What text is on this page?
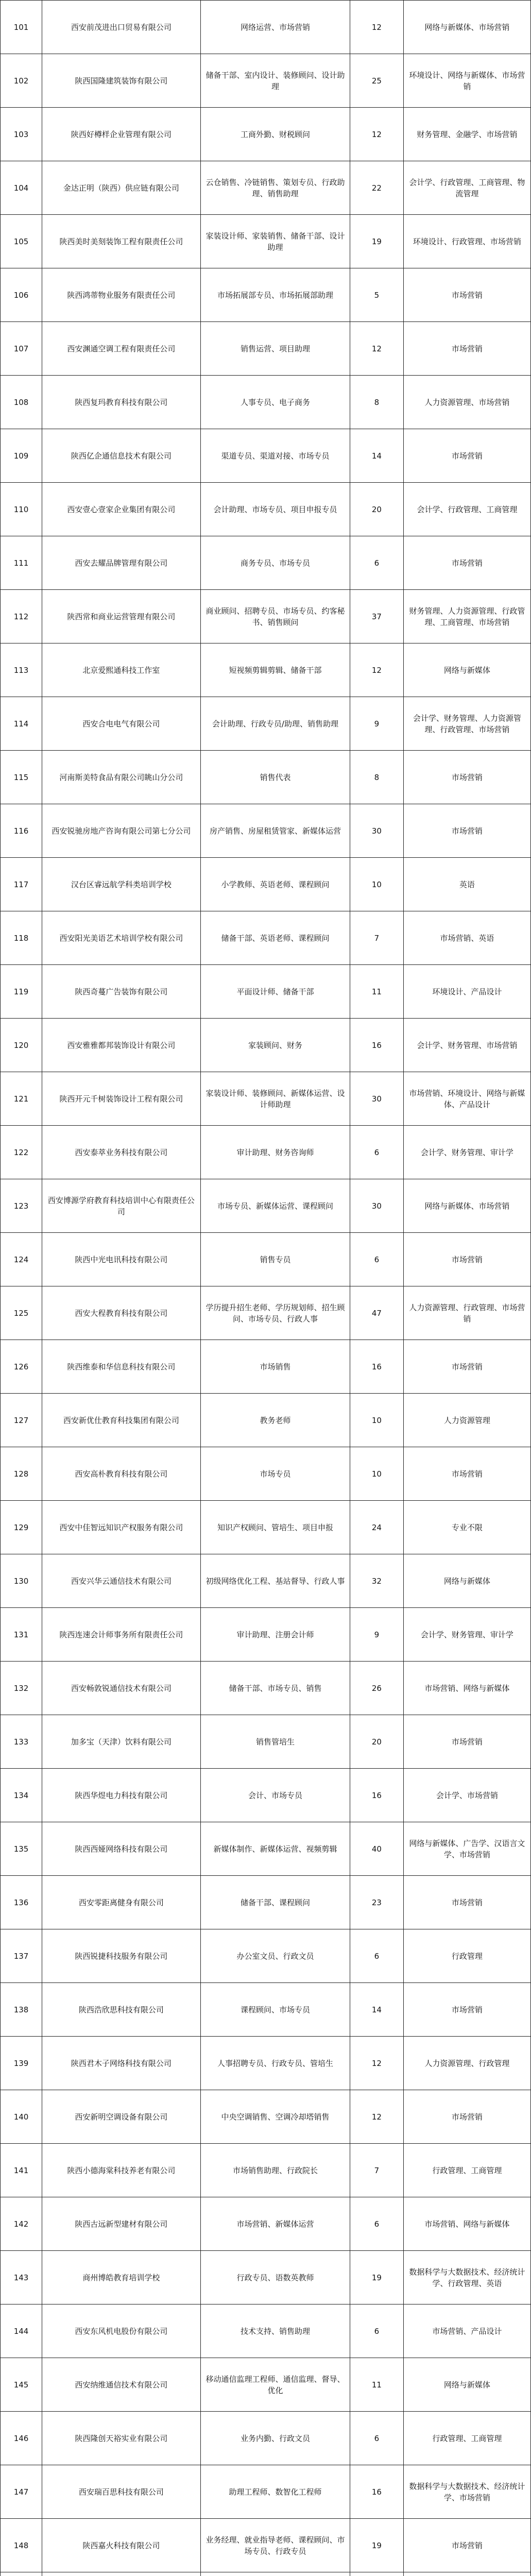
101	西安前茂进出口贸易有限公司	网络运营、市场营销	12	网络与新媒体、市场营销
102	陕西国隆建筑装饰有限公司	储备干部、室内设计、装修顾问、设计助理	25	环境设计、网络与新媒体、市场营销
103	陕西好樽样企业管理有限公司	工商外勤、财税顾问	12	财务管理、金融学、市场营销
104	金达正明（陕西）供应链有限公司	云仓销售、冷链销售、策划专员、行政助理、销售助理	22	会计学、行政管理、工商管理、物流管理
105	陕西美时美刻装饰工程有限责任公司	家装设计师、家装销售、储备干部、设计助理	19	环境设计、行政管理、市场营销
106	陕西鸿蒂物业服务有限责任公司	市场拓展部专员、市场拓展部助理	5	市场营销
107	西安渊通空调工程有限责任公司	销售运营、项目助理	12	市场营销
108	陕西复玛教育科技有限公司	人事专员、电子商务	8	人力资源管理、市场营销
109	陕西亿企通信息技术有限公司	渠道专员、渠道对接、市场专员	14	市场营销
110	西安壹心壹家企业集团有限公司	会计助理、市场专员、项目申报专员	20	会计学、行政管理、工商管理
111	西安去耀品牌管理有限公司	商务专员、市场专员	6	市场营销
112	陕西常和商业运营管理有限公司	商业顾问、招聘专员、市场专员、约客秘书、销售顾问	37	财务管理、人力资源管理、行政管理、工商管理、市场营销
113	北京爱熙通科技工作室	短视频剪辑剪辑、储备干部	12	网络与新媒体
114	西安合电电气有限公司	会计助理、行政专员/助理、销售助理	9	会计学、财务管理、人力资源管理、行政管理、市场营销
115	河南斯美特食品有限公司眺山分公司	销售代表	8	市场营销
116	西安锐驰房地产咨询有限公司第七分公司	房产销售、房屋租赁管家、新媒体运营	30	市场营销
117	汉台区睿远航学科类培训学校	小学教师、英语老师、课程顾问	10	英语
118	西安阳光美语艺术培训学校有限公司	储备干部、英语老师、课程顾问	7	市场营销、英语
119	陕西奇蔓广告装饰有限公司	平面设计师、储备干部	11	环境设计、产品设计
120	西安雅雅都邦装饰设计有限公司	家装顾问、财务	16	会计学、财务管理、市场营销
121	陕西开元千树装饰设计工程有限公司	家装设计师、装修顾问、新媒体运营、设计师助理	30	市场营销、环境设计、网络与新媒体、产品设计
122	西安泰萃业务科技有限公司	审计助理、财务咨询师	6	会计学、财务管理、审计学
123	西安博源学府教育科技培训中心有限责任公司	市场专员、新媒体运营、课程顾问	30	网络与新媒体、市场营销
124	陕西中光电讯科技有限公司	销售专员	6	市场营销
125	西安大程教育科技有限公司	学历提升招生老师、学历规划师、招生顾问、市场专员、行政人事	47	人力资源管理、行政管理、市场营销
126	陕西维泰和华信息科技有限公司	市场销售	16	市场营销
127	西安新优仕教育科技集团有限公司	教务老师	10	人力资源管理
128	西安高朴教育科技有限公司	市场专员	10	市场营销
129	西安中佳智远知识产权服务有限公司	知识产权顾问、管培生、项目申报	24	专业不限
130	西安兴华云通信技术有限公司	初级网络优化工程、基站督导、行政人事	32	网络与新媒体
131	陕西连速会计师事务所有限责任公司	审计助理、注册会计师	9	会计学、财务管理、审计学
132	西安畅敦锐通信技术有限公司	储备干部、市场专员、销售	26	市场营销、网络与新媒体
133	加多宝（天津）饮料有限公司	销售管培生	20	市场营销
134	陕西华煜电力科技有限公司	会计、市场专员	16	会计学、市场营销
135	陕西西娅网络科技有限公司	新媒体制作、新媒体运营、视频剪辑	40	网络与新媒体、广告学、汉语言文学、市场营销
136	西安零距离健身有限公司	储备干部、课程顾问	23	市场营销
137	陕西锐捷科技服务有限公司	办公室文员、行政文员	6	行政管理
138	陕西浩欣思科技有限公司	课程顾问、市场专员	14	市场营销
139	陕西君木子网络科技有限公司	人事招聘专员、行政专员、管培生	12	人力资源管理、行政管理
140	西安新明空调设备有限公司	中央空调销售、空调冷却塔销售	12	市场营销
141	陕西小德海棠科技养老有限公司	市场销售助理、行政院长	7	行政管理、工商管理
142	陕西古远新型建材有限公司	市场营销、新媒体运营	6	市场营销、网络与新媒体
143	商州博皓教育培训学校	行政专员、语数英教师	19	数据科学与大数据技术、经济统计学、行政管理、英语
144	西安东风机电股份有限公司	技术支持、销售助理	6	市场营销、产品设计
145	西安纳维通信技术有限公司	移动通信监理工程师、通信监理、督导、优化	11	网络与新媒体
146	陕西隆创天裕实业有限公司	业务内勤、行政文员	6	行政管理、工商管理
147	西安瑞百思科技有限公司	助理工程师、数智化工程师	16	数据科学与大数据技术、经济统计学、市场营销
148	陕西嘉火科技有限公司	业务经理、就业指导老师、课程顾问、市场专员、行政专员	19	市场营销
